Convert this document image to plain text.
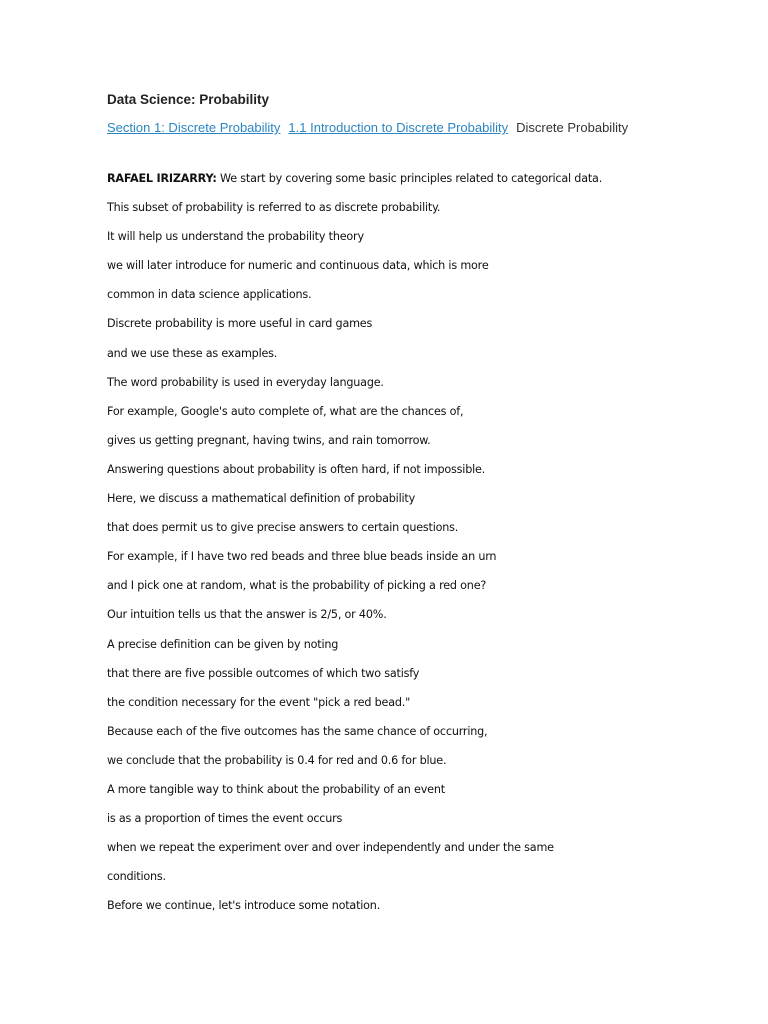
Data Science: Probability
Section 1: Discrete Probability 1.1 Introduction to Discrete Probability Discrete Probability
RAFAEL IRIZARRY: We start by covering some basic principles related to categorical data.
This subset of probability is referred to as discrete probability.
It will help us understand the probability theory
we will later introduce for numeric and continuous data, which is more
common in data science applications.
Discrete probability is more useful in card games
and we use these as examples.
The word probability is used in everyday language.
For example, Google's auto complete of, what are the chances of,
gives us getting pregnant, having twins, and rain tomorrow.
Answering questions about probability is often hard, if not impossible.
Here, we discuss a mathematical definition of probability
that does permit us to give precise answers to certain questions.
For example, if I have two red beads and three blue beads inside an urn
and I pick one at random, what is the probability of picking a red one?
Our intuition tells us that the answer is 2/5, or 40%.
A precise definition can be given by noting
that there are five possible outcomes of which two satisfy
the condition necessary for the event "pick a red bead."
Because each of the five outcomes has the same chance of occurring,
we conclude that the probability is 0.4 for red and 0.6 for blue.
A more tangible way to think about the probability of an event
is as a proportion of times the event occurs
when we repeat the experiment over and over independently and under the same
conditions.
Before we continue, let's introduce some notation.
